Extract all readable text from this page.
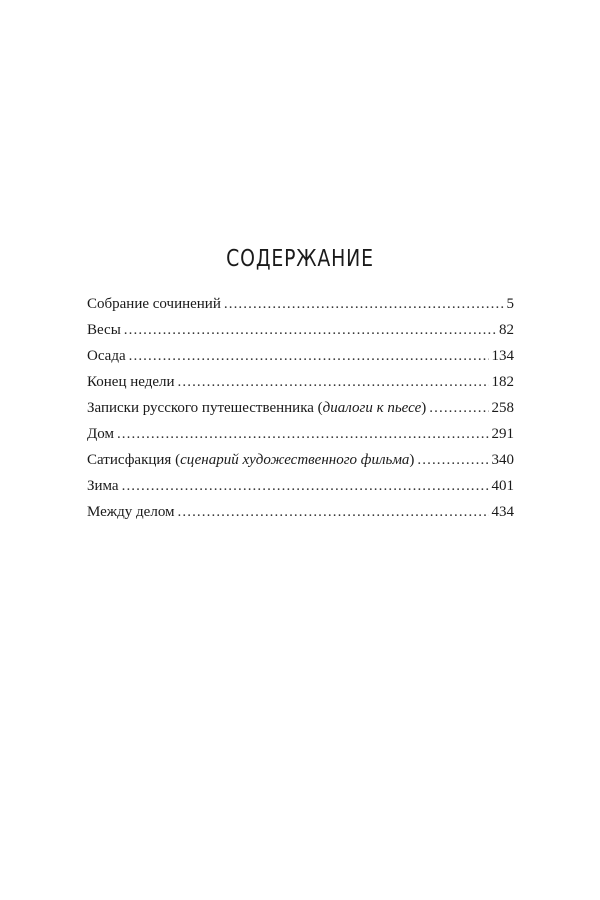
СОДЕРЖАНИЕ
Собрание сочинений .....	5
Весы .....	82
Осада .....	134
Конец недели .....	182
Записки русского путешественника (диалоги к пьесе) .....	258
Дом .....	291
Сатисфакция (сценарий художественного фильма) .....	340
Зима .....	401
Между делом .....	434
